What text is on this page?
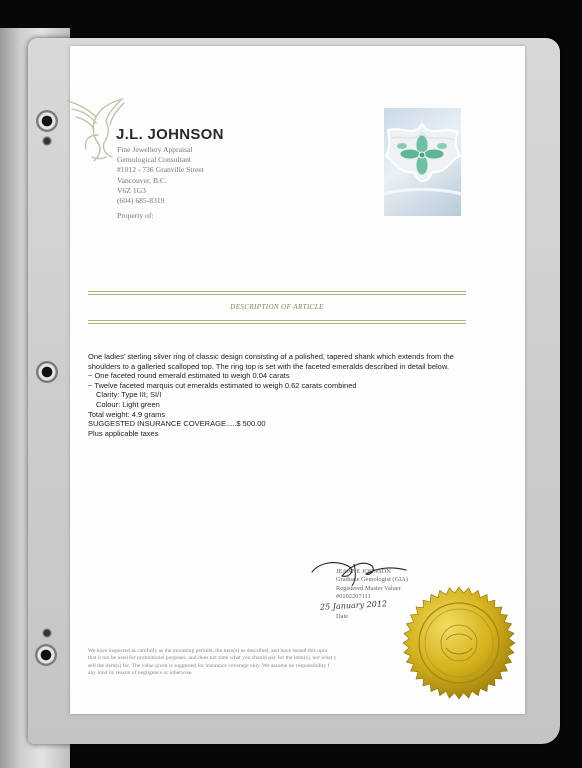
J.L. JOHNSON
Fine Jewellery Appraisal
Gemological Consultant
#1012 - 736 Granville Street
Vancouver, B.C.
V6Z 1G3
(604) 685-8319
Property of:
DESCRIPTION OF ARTICLE

One ladies' sterling silver ring of classic design consisting of a polished, tapered shank which extends from the shoulders to a galleried scalloped top. The ring top is set with the faceted emeralds described in detail below.

~ One faceted round emerald estimated to weigh 0.04 carats

~ Twelve faceted marquis cut emeralds estimated to weigh 0.62 carats combined

Clarity: Type III; SI/I

Colour: Light green

Total weight: 4.9 grams

SUGGESTED INSURANCE COVERAGE.....$ 500.00

Plus applicable taxes

JEANNE JOHNSON
Graduate Gemologist (GIA)
Registered Master Valuer
#0102207111
25 January 2012
Date
We have inspected as carefully as the mounting permits, the item(s) as described, and have issued this opin
that it not be used for promotional purposes, and does not state what you should pay for the item(s), nor what y
sell the item(s) for. The value given is suggested for insurance coverage only. We assume no responsibility f
any kind by reason of negligence or otherwise.
